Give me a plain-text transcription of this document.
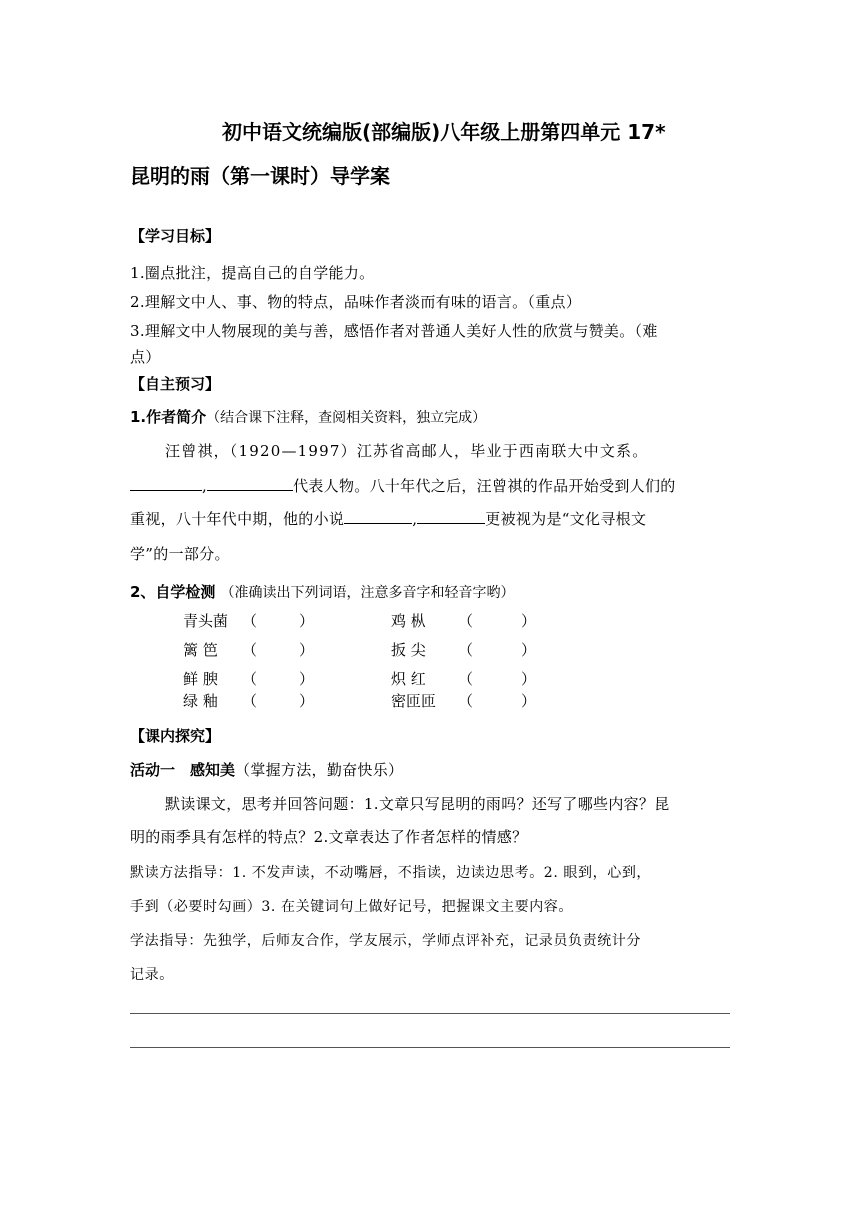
初中语文统编版(部编版)八年级上册第四单元 17*
昆明的雨（第一课时）导学案
【学习目标】
1.圈点批注，提高自己的自学能力。
2.理解文中人、事、物的特点，品味作者淡而有味的语言。（重点）
3.理解文中人物展现的美与善，感悟作者对普通人美好人性的欣赏与赞美。（难
点）
【自主预习】
1.作者简介（结合课下注释，查阅相关资料，独立完成）
汪曾祺，（1920—1997）江苏省高邮人，毕业于西南联大中文系。
,	代表人物。八十年代之后，汪曾祺的作品开始受到人们的
重视，八十年代中期，他的小说	,	更被视为是“文化寻根文
学”的一部分。
2、自学检测 （准确读出下列词语，注意多音字和轻音字哟）
青头菌 （　　）	鸡 枞 （　　）
篱 笆 （　　）	扳 尖 （　　）
鲜 腴 （　　）	炽 红 （　　）
绿 釉 （　　）	密匝匝 （　　）
【课内探究】
活动一　感知美（掌握方法，勤奋快乐）
默读课文，思考并回答问题：1.文章只写昆明的雨吗？还写了哪些内容？昆
明的雨季具有怎样的特点？2.文章表达了作者怎样的情感？
默读方法指导：1. 不发声读，不动嘴唇，不指读，边读边思考。2. 眼到，心到，
手到（必要时勾画）3. 在关键词句上做好记号，把握课文主要内容。
学法指导：先独学，后师友合作，学友展示，学师点评补充，记录员负责统计分
记录。
